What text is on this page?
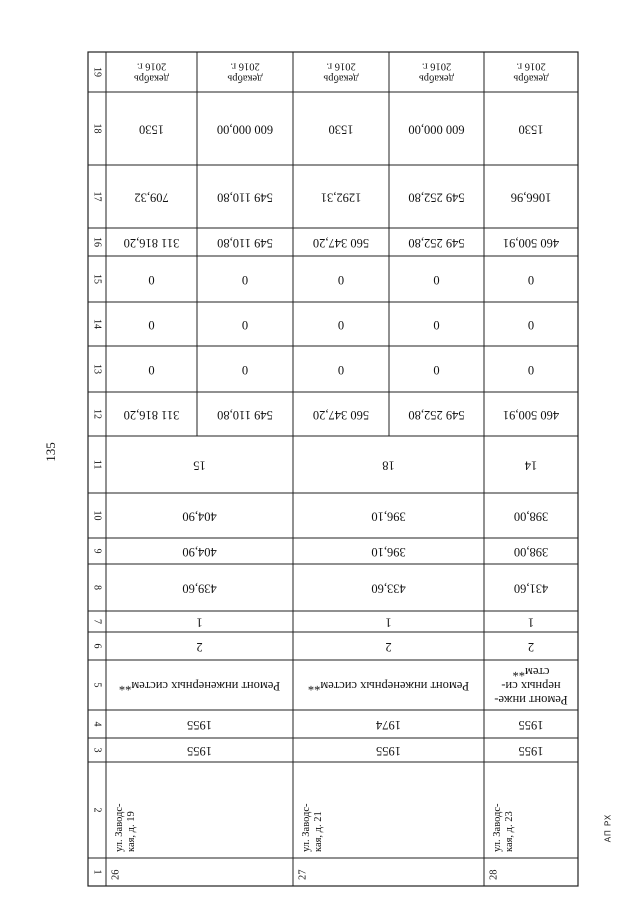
135
АП РХ
1
2
3
4
5
6
7
8
9
10
11
12
13
14
15
16
17
18
19
декабрь
2016 г.
1530
709,32
311 816,20
0
0
0
311 816,20
декабрь
2016 г.
600 000,00
549 110,80
549 110,80
0
0
0
549 110,80
декабрь
2016 г.
1530
1292,31
560 347,20
0
0
0
560 347,20
декабрь
2016 г.
600 000,00
549 252,80
549 252,80
0
0
0
549 252,80
декабрь
2016 г.
1530
1066,96
460 500,91
0
0
0
460 500,91
15
404,90
404,90
439,60
1
2
Ремонт инженерных систем**
1955
1955
ул. Заводс- кая, д. 19
26
18
396,10
396,10
433,60
1
2
Ремонт инженерных систем**
1974
1955
ул. Заводс- кая, д. 21
27
14
398,00
398,00
431,60
1
2
Ремонт инже-
нерных си-
стем**
1955
1955
ул. Заводс- кая, д. 23
28
